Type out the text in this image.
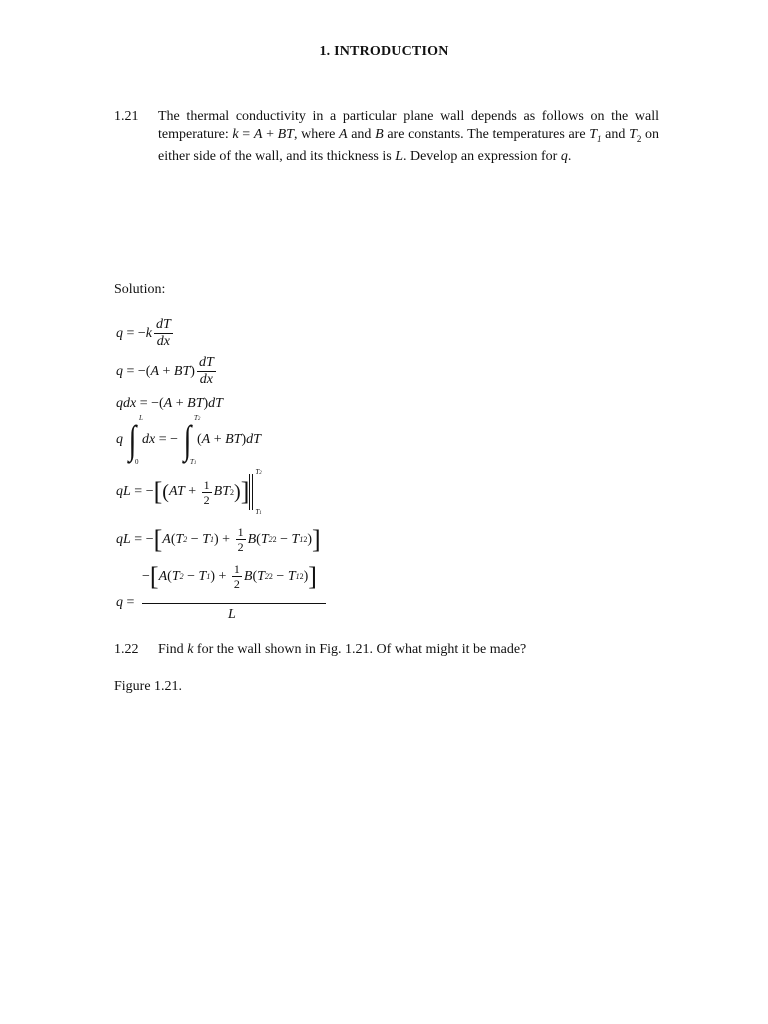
1. INTRODUCTION
1.21 The thermal conductivity in a particular plane wall depends as follows on the wall temperature: k = A + BT, where A and B are constants. The temperatures are $T_1$ and $T_2$ on either side of the wall, and its thickness is L. Develop an expression for q.
Solution:
q = − k $\frac{dT}{dx}$
q = −( A + BT ) $\frac{dT}{dx}$
qdx = −( A + BT ) dT
q ∫ L
0
dx = − ∫ T2
T1
( A + BT ) dT
qL = − [ ( AT + $\frac{1}{2}$ BT 2 ) ]
T2
T1
qL = − [ A ( T 2 − T 1 ) + $\frac{1}{2}$ B ( T 2 2 − T 1 2 ) ]
q =
− [ A ( T 2 − T 1 ) + $\frac{1}{2}$ B ( T 2 2 − T 1 2 ) ]
L
1.22 Find k for the wall shown in Fig. 1.21. Of what might it be made?
Figure 1.21.
